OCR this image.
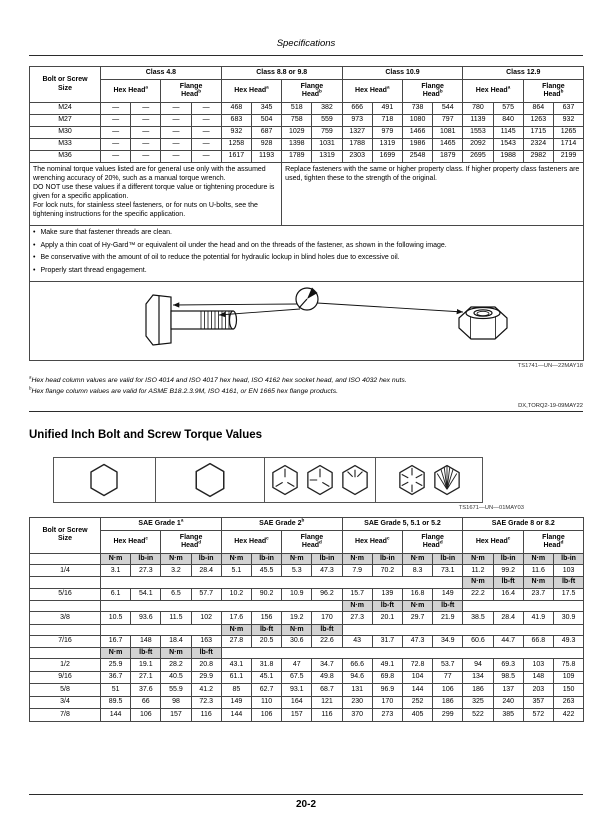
Specifications
Bolt or Screw Size	Class 4.8				Class 8.8 or 9.8				Class 10.9				Class 12.9			
	Hex Head$^a$		Flange Head$^b$		Hex Head$^a$		Flange Head$^b$		Hex Head$^a$		Flange Head$^b$		Hex Head$^a$		Flange Head$^b$
M24	—	—	—	—	468	345	518	382	666	491	738	544	780	575	864	637
M27	—	—	—	—	683	504	758	559	973	718	1080	797	1139	840	1263	932
M30	—	—	—	—	932	687	1029	759	1327	979	1466	1081	1553	1145	1715	1265
M33	—	—	—	—	1258	928	1398	1031	1788	1319	1986	1465	2092	1543	2324	1714
M36	—	—	—	—	1617	1193	1789	1319	2303	1699	2548	1879	2695	1988	2982	2199

The nominal torque values listed are for general use only with the assumed wrenching accuracy of 20%, such as a manual torque wrench.

DO NOT use these values if a different torque value or tightening procedure is given for a specific application.

For lock nuts, for stainless steel fasteners, or for nuts on U-bolts, see the tightening instructions for the specific application.							Replace fasteners with the same or higher property class. If higher property class fasteners are used, tighten these to the strength of the original.									

• Make sure that fastener threads are clean.
• Apply a thin coat of Hy-Gard™ or equivalent oil under the head and on the threads of the fastener, as shown in the following image.
• Be conservative with the amount of oil to reduce the potential for hydraulic lockup in blind holes due to excessive oil.
• Properly start thread engagement.

TS1741—UN—22MAY18
$^a$Hex head column values are valid for ISO 4014 and ISO 4017 hex head, ISO 4162 hex socket head, and ISO 4032 hex nuts.
$^b$Hex flange column values are valid for ASME B18.2.3.9M, ISO 4161, or EN 1665 hex flange products.
DX,TORQ2-19-09MAY22
Unified Inch Bolt and Screw Torque Values
TS1671—UN—01MAY03
Bolt or Screw Size	SAE Grade 1$^a$				SAE Grade 2$^b$				SAE Grade 5, 5.1 or 5.2				SAE Grade 8 or 8.2			
	Hex Head$^c$		Flange Head$^d$		Hex Head$^c$		Flange Head$^d$		Hex Head$^c$		Flange Head$^d$		Hex Head$^c$		Flange Head$^d$
	N·m	lb-in	N·m	lb-in	N·m	lb-in	N·m	lb-in	N·m	lb-in	N·m	lb-in	N·m	lb-in	N·m	lb-in
1/4	3.1	27.3	3.2	28.4	5.1	45.5	5.3	47.3	7.9	70.2	8.3	73.1	11.2	99.2	11.6	103
													N·m	lb-ft	N·m	lb-ft
5/16	6.1	54.1	6.5	57.7	10.2	90.2	10.9	96.2	15.7	139	16.8	149	22.2	16.4	23.7	17.5
									N·m	lb-ft	N·m	lb-ft				
3/8	10.5	93.6	11.5	102	17.6	156	19.2	170	27.3	20.1	29.7	21.9	38.5	28.4	41.9	30.9
					N·m	lb-ft	N·m	lb-ft								
7/16	16.7	148	18.4	163	27.8	20.5	30.6	22.6	43	31.7	47.3	34.9	60.6	44.7	66.8	49.3
	N·m	lb-ft	N·m	lb-ft												
1/2	25.9	19.1	28.2	20.8	43.1	31.8	47	34.7	66.6	49.1	72.8	53.7	94	69.3	103	75.8
9/16	36.7	27.1	40.5	29.9	61.1	45.1	67.5	49.8	94.6	69.8	104	77	134	98.5	148	109
5/8	51	37.6	55.9	41.2	85	62.7	93.1	68.7	131	96.9	144	106	186	137	203	150
3/4	89.5	66	98	72.3	149	110	164	121	230	170	252	186	325	240	357	263
7/8	144	106	157	116	144	106	157	116	370	273	405	299	522	385	572	422
20-2
